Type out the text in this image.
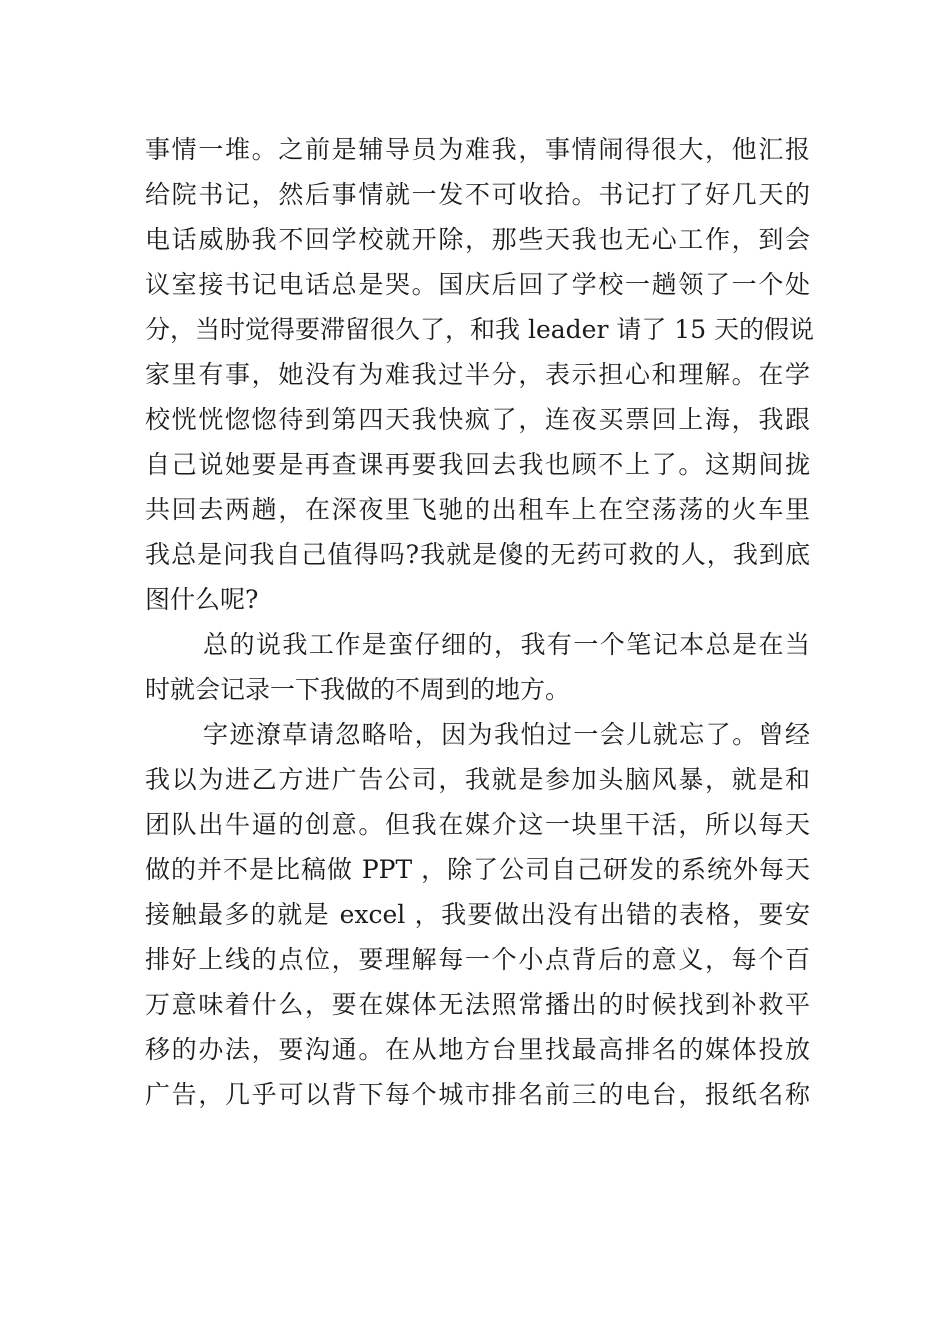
事情一堆。之前是辅导员为难我，事情闹得很大，他汇报
给院书记，然后事情就一发不可收拾。书记打了好几天的
电话威胁我不回学校就开除，那些天我也无心工作，到会
议室接书记电话总是哭。国庆后回了学校一趟领了一个处
分，当时觉得要滞留很久了，和我 leader 请了 15 天的假说
家里有事，她没有为难我过半分，表示担心和理解。在学
校恍恍惚惚待到第四天我快疯了，连夜买票回上海，我跟
自己说她要是再查课再要我回去我也顾不上了。这期间拢
共回去两趟，在深夜里飞驰的出租车上在空荡荡的火车里
我总是问我自己值得吗?我就是傻的无药可救的人，我到底
图什么呢?
总的说我工作是蛮仔细的，我有一个笔记本总是在当
时就会记录一下我做的不周到的地方。
字迹潦草请忽略哈，因为我怕过一会儿就忘了。曾经
我以为进乙方进广告公司，我就是参加头脑风暴，就是和
团队出牛逼的创意。但我在媒介这一块里干活，所以每天
做的并不是比稿做 PPT ，除了公司自己研发的系统外每天
接触最多的就是 excel ，我要做出没有出错的表格，要安
排好上线的点位，要理解每一个小点背后的意义，每个百
万意味着什么，要在媒体无法照常播出的时候找到补救平
移的办法，要沟通。在从地方台里找最高排名的媒体投放
广告，几乎可以背下每个城市排名前三的电台，报纸名称
